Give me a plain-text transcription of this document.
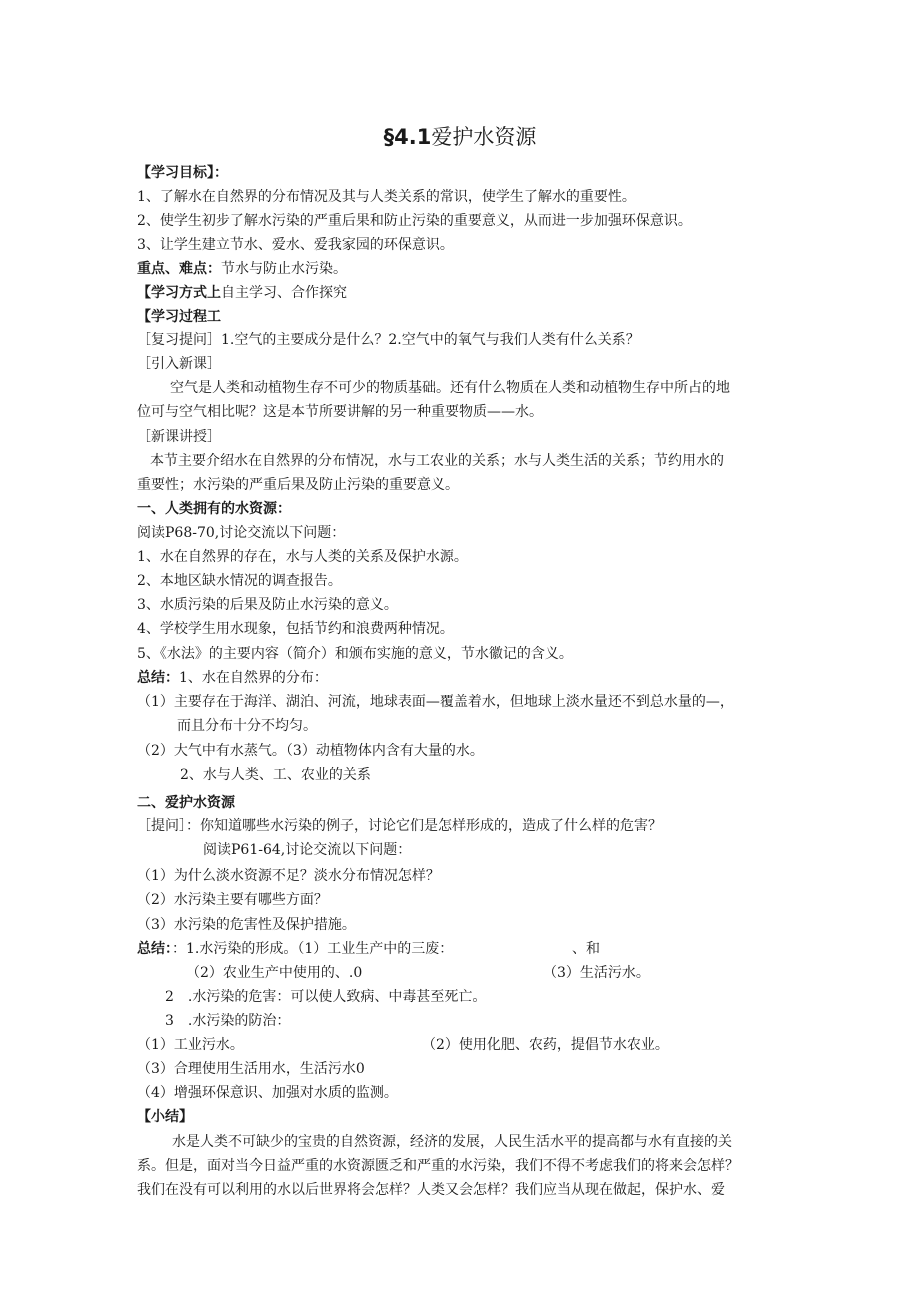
§4.1爱护水资源
【学习目标】：
1、了解水在自然界的分布情况及其与人类关系的常识，使学生了解水的重要性。
2、使学生初步了解水污染的严重后果和防止污染的重要意义，从而进一步加强环保意识。
3、让学生建立节水、爱水、爱我家园的环保意识。
重点、难点：节水与防止水污染。
【学习方式上自主学习、合作探究
【学习过程工
［复习提问］1.空气的主要成分是什么？2.空气中的氧气与我们人类有什么关系？
［引入新课］
空气是人类和动植物生存不可少的物质基础。还有什么物质在人类和动植物生存中所占的地
位可与空气相比呢？这是本节所要讲解的另一种重要物质——水。
［新课讲授］
本节主要介绍水在自然界的分布情况，水与工农业的关系；水与人类生活的关系；节约用水的
重要性；水污染的严重后果及防止污染的重要意义。
一、人类拥有的水资源：
阅读P68-70,讨论交流以下问题：
1、水在自然界的存在，水与人类的关系及保护水源。
2、本地区缺水情况的调查报告。
3、水质污染的后果及防止水污染的意义。
4、学校学生用水现象，包括节约和浪费两种情况。
5、《水法》的主要内容（简介）和颁布实施的意义，节水徽记的含义。
总结：1、水在自然界的分布：
（1）主要存在于海洋、湖泊、河流，地球表面—覆盖着水，但地球上淡水量还不到总水量的—，
而且分布十分不均匀。
（2）大气中有水蒸气。（3）动植物体内含有大量的水。
2、水与人类、工、农业的关系
二、爱护水资源
［提问］：你知道哪些水污染的例子，讨论它们是怎样形成的，造成了什么样的危害？
阅读P61-64,讨论交流以下问题：
（1）为什么淡水资源不足？淡水分布情况怎样？
（2）水污染主要有哪些方面？
（3）水污染的危害性及保护措施。
总结：：1.水污染的形成。（1）工业生产中的三废：	、和
（2）农业生产中使用的、.0	（3）生活污水。
2　.水污染的危害：可以使人致病、中毒甚至死亡。
3　.水污染的防治：
（1）工业污水。	（2）使用化肥、农药，提倡节水农业。
（3）合理使用生活用水，生活污水0
（4）增强环保意识、加强对水质的监测。
【小结】
水是人类不可缺少的宝贵的自然资源，经济的发展，人民生活水平的提高都与水有直接的关
系。但是，面对当今日益严重的水资源匮乏和严重的水污染，我们不得不考虑我们的将来会怎样？
我们在没有可以利用的水以后世界将会怎样？人类又会怎样？我们应当从现在做起，保护水、爱
